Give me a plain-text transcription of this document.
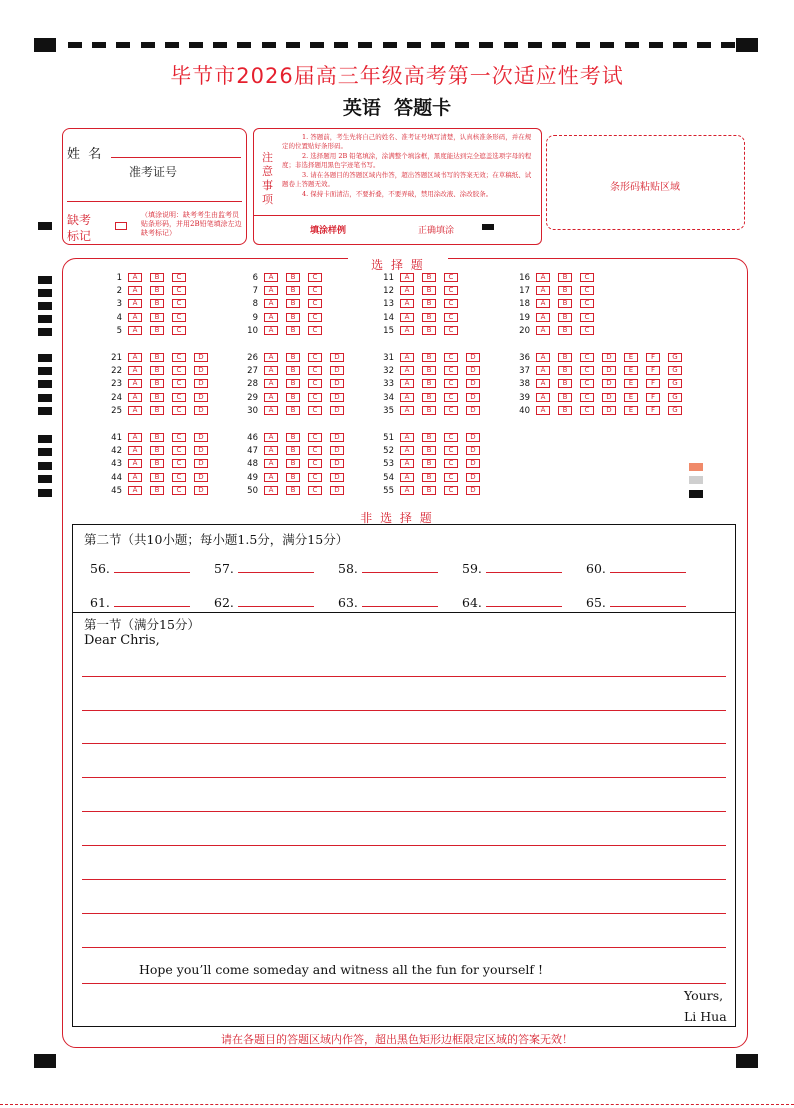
毕节市2026届高三年级高考第一次适应性考试
英语  答题卡
姓  名
准考证号
缺考
标记
（填涂说明：缺考考生由监考员贴条形码，并用2B铅笔填涂左边缺考标记）
注
意
事
项
1. 答题前，考生先将自己的姓名、准考证号填写清楚，认真核准条形码，并在规定的位置贴好条形码。
2. 选择题用 2B 铅笔填涂，涂满整个填涂框，黑度能达到完全遮盖选项字母的程度；非选择题用黑色字迹笔书写。
3. 请在各题目的答题区域内作答，超出答题区域书写的答案无效；在草稿纸、试题卷上答题无效。
4. 保持卡面清洁，不要折叠，不要弄破，禁用涂改液、涂改胶条。
填涂样例	正确填涂
条形码粘贴区域
选 择 题
1 A B C
2 A B C
3 A B C
4 A B C
5 A B C
6 A B C
7 A B C
8 A B C
9 A B C
10 A B C
11 A B C
12 A B C
13 A B C
14 A B C
15 A B C
16 A B C
17 A B C
18 A B C
19 A B C
20 A B C
21 A B C D
22 A B C D
23 A B C D
24 A B C D
25 A B C D
26 A B C D
27 A B C D
28 A B C D
29 A B C D
30 A B C D
31 A B C D
32 A B C D
33 A B C D
34 A B C D
35 A B C D
36 A B C D E	F G
37 A B C D E	F G
38 A B C D E	F G
39 A B C D E	F G
40 A B C D E	F G
41 A B C D
42 A B C D
43 A B C D
44 A B C D
45 A B C D
46 A B C D
47 A B C D
48 A B C D
49 A B C D
50 A B C D
51 A B C D
52 A B C D
53 A B C D
54 A B C D
55 A B C D
非 选 择 题
第二节（共10小题；每小题1.5分，满分15分）
56.	57.	58.	59.	60.
61.	62.	63.	64.	65.
第一节（满分15分）
Dear Chris,
Hope you’ll come someday and witness all the fun for yourself !
Yours,
Li Hua
请在各题目的答题区域内作答，超出黑色矩形边框限定区域的答案无效！
